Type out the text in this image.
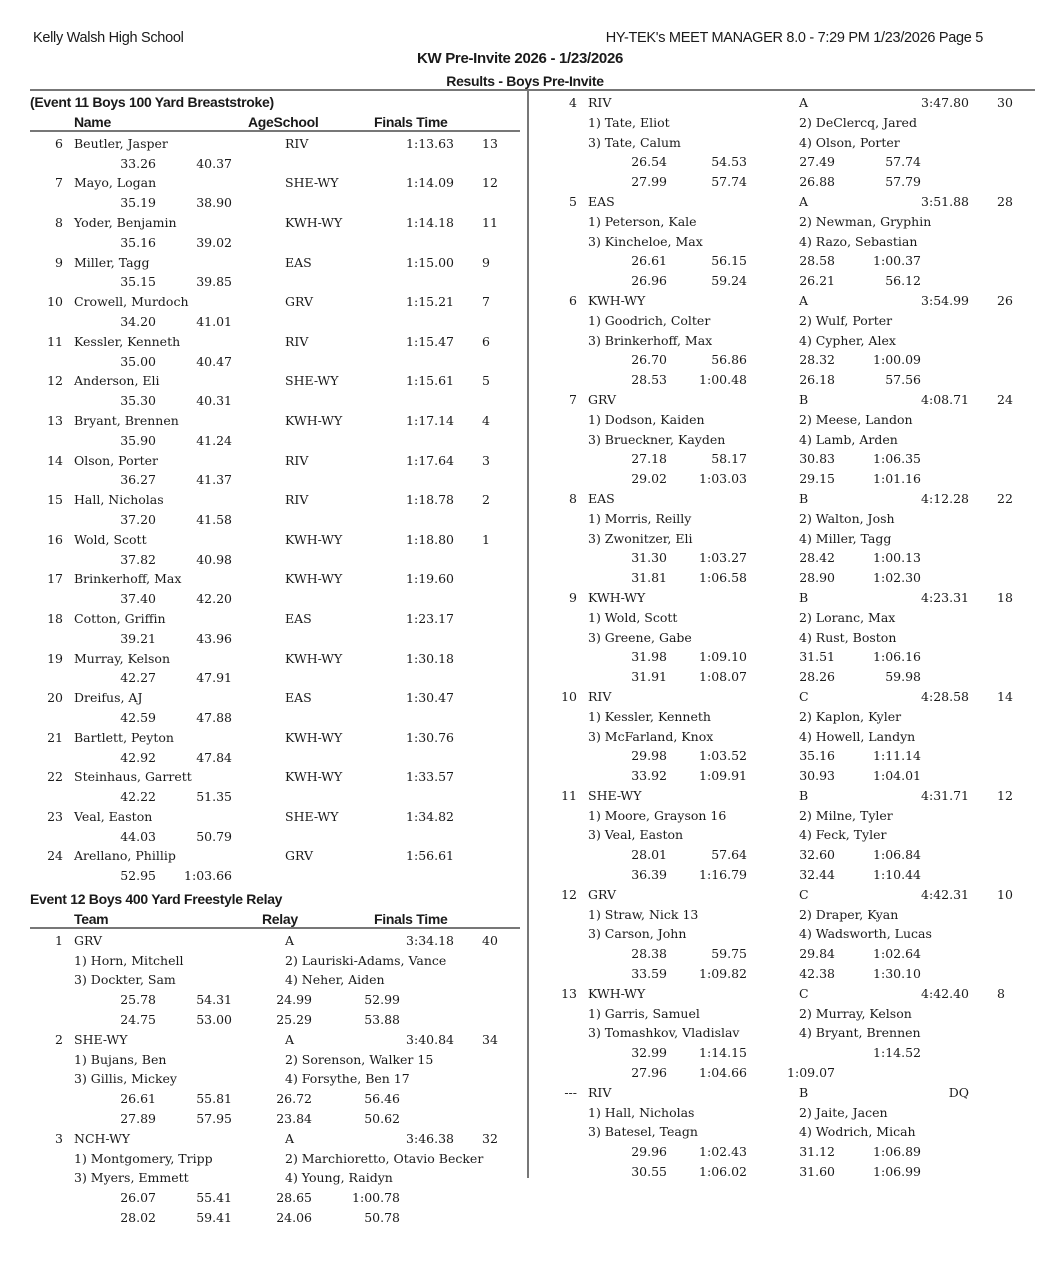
Kelly Walsh High School	HY-TEK's MEET MANAGER 8.0 - 7:29 PM 1/23/2026 Page 5
KW Pre-Invite 2026 - 1/23/2026
Results - Boys Pre-Invite
(Event 11 Boys 100 Yard Breaststroke)
Name	AgeSchool	Finals Time
6 Beutler, Jasper	RIV	1:13.63 13
33.26	40.37
7 Mayo, Logan	SHE-WY	1:14.09 12
35.19	38.90
8 Yoder, Benjamin	KWH-WY	1:14.18 11
35.16	39.02
9 Miller, Tagg	EAS	1:15.00 9
35.15	39.85
10 Crowell, Murdoch	GRV	1:15.21 7
34.20	41.01
11 Kessler, Kenneth	RIV	1:15.47 6
35.00	40.47
12 Anderson, Eli	SHE-WY	1:15.61 5
35.30	40.31
13 Bryant, Brennen	KWH-WY	1:17.14 4
35.90	41.24
14 Olson, Porter	RIV	1:17.64 3
36.27	41.37
15 Hall, Nicholas	RIV	1:18.78 2
37.20	41.58
16 Wold, Scott	KWH-WY	1:18.80 1
37.82	40.98
17 Brinkerhoff, Max	KWH-WY	1:19.60
37.40	42.20
18 Cotton, Griffin	EAS	1:23.17
39.21	43.96
19 Murray, Kelson	KWH-WY	1:30.18
42.27	47.91
20 Dreifus, AJ	EAS	1:30.47
42.59	47.88
21 Bartlett, Peyton	KWH-WY	1:30.76
42.92	47.84
22 Steinhaus, Garrett	KWH-WY	1:33.57
42.22	51.35
23 Veal, Easton	SHE-WY	1:34.82
44.03	50.79
24 Arellano, Phillip	GRV	1:56.61
52.95	1:03.66
Event 12 Boys 400 Yard Freestyle Relay
Team	Relay	Finals Time
1 GRV	A	3:34.18 40
1) Horn, Mitchell	2) Lauriski-Adams, Vance
3) Dockter, Sam	4) Neher, Aiden
25.78	54.31	24.99	52.99
24.75	53.00	25.29	53.88
2 SHE-WY	A	3:40.84 34
1) Bujans, Ben	2) Sorenson, Walker 15
3) Gillis, Mickey	4) Forsythe, Ben 17
26.61	55.81	26.72	56.46
27.89	57.95	23.84	50.62
3 NCH-WY	A	3:46.38 32
1) Montgomery, Tripp	2) Marchioretto, Otavio Becker
3) Myers, Emmett	4) Young, Raidyn
26.07	55.41	28.65	1:00.78
28.02	59.41	24.06	50.78
4 RIV	A	3:47.80 30
1) Tate, Eliot	2) DeClercq, Jared
3) Tate, Calum	4) Olson, Porter
26.54	54.53	27.49	57.74
27.99	57.74	26.88	57.79
5 EAS	A	3:51.88 28
1) Peterson, Kale	2) Newman, Gryphin
3) Kincheloe, Max	4) Razo, Sebastian
26.61	56.15	28.58	1:00.37
26.96	59.24	26.21	56.12
6 KWH-WY	A	3:54.99 26
1) Goodrich, Colter	2) Wulf, Porter
3) Brinkerhoff, Max	4) Cypher, Alex
26.70	56.86	28.32	1:00.09
28.53	1:00.48	26.18	57.56
7 GRV	B	4:08.71 24
1) Dodson, Kaiden	2) Meese, Landon
3) Brueckner, Kayden	4) Lamb, Arden
27.18	58.17	30.83	1:06.35
29.02	1:03.03	29.15	1:01.16
8 EAS	B	4:12.28 22
1) Morris, Reilly	2) Walton, Josh
3) Zwonitzer, Eli	4) Miller, Tagg
31.30	1:03.27	28.42	1:00.13
31.81	1:06.58	28.90	1:02.30
9 KWH-WY	B	4:23.31 18
1) Wold, Scott	2) Loranc, Max
3) Greene, Gabe	4) Rust, Boston
31.98	1:09.10	31.51	1:06.16
31.91	1:08.07	28.26	59.98
10 RIV	C	4:28.58 14
1) Kessler, Kenneth	2) Kaplon, Kyler
3) McFarland, Knox	4) Howell, Landyn
29.98	1:03.52	35.16	1:11.14
33.92	1:09.91	30.93	1:04.01
11 SHE-WY	B	4:31.71 12
1) Moore, Grayson 16	2) Milne, Tyler
3) Veal, Easton	4) Feck, Tyler
28.01	57.64	32.60	1:06.84
36.39	1:16.79	32.44	1:10.44
12 GRV	C	4:42.31 10
1) Straw, Nick 13	2) Draper, Kyan
3) Carson, John	4) Wadsworth, Lucas
28.38	59.75	29.84	1:02.64
33.59	1:09.82	42.38	1:30.10
13 KWH-WY	C	4:42.40 8
1) Garris, Samuel	2) Murray, Kelson
3) Tomashkov, Vladislav	4) Bryant, Brennen
32.99	1:14.15	1:14.52
27.96	1:04.66	1:09.07
--- RIV	B	DQ
1) Hall, Nicholas	2) Jaite, Jacen
3) Batesel, Teagn	4) Wodrich, Micah
29.96	1:02.43	31.12	1:06.89
30.55	1:06.02	31.60	1:06.99
